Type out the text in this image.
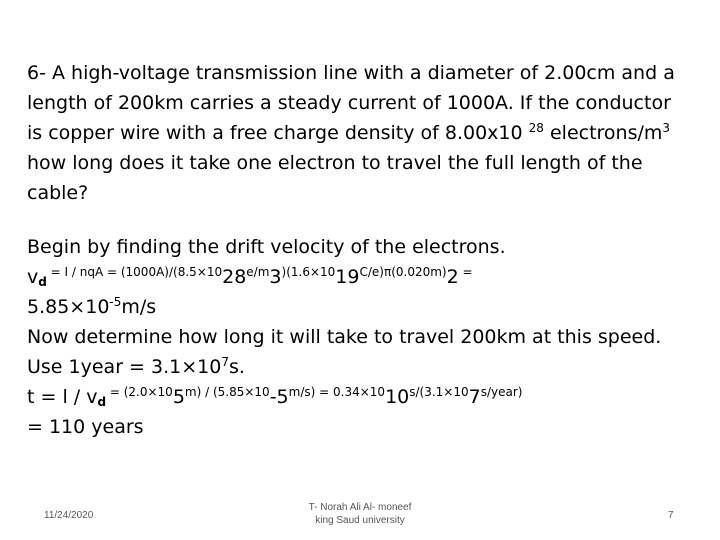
6- A high-voltage transmission line with a diameter of 2.00cm and a
length of 200km carries a steady current of 1000A. If the conductor
is copper wire with a free charge density of 8.00x10 $^{28}$ electrons/$m^3$
how long does it take one electron to travel the full length of the
cable?
Begin by finding the drift velocity of the electrons.
$v_d$ $^{= I / nqA = (1000A)/(8.5\times 10}28^{e/m}3^{)(1.6\times 10}19^{C/e)\pi(0.020m)}2$ =
$5.85\times 10^{-5}m/s$
Now determine how long it will take to travel 200km at this speed.
Use 1year = $3.1\times 10^7s$.
$t = l / v_d$ $^{= (2.0\times 10}5^{m) / (5.85\times 10}-5^{m/s) = 0.34\times 10}10^{s/(3.1\times 10}7^{s/year)}$
= 110 years
11/24/2020
T- Norah Ali Al- moneef
king Saud university	7
